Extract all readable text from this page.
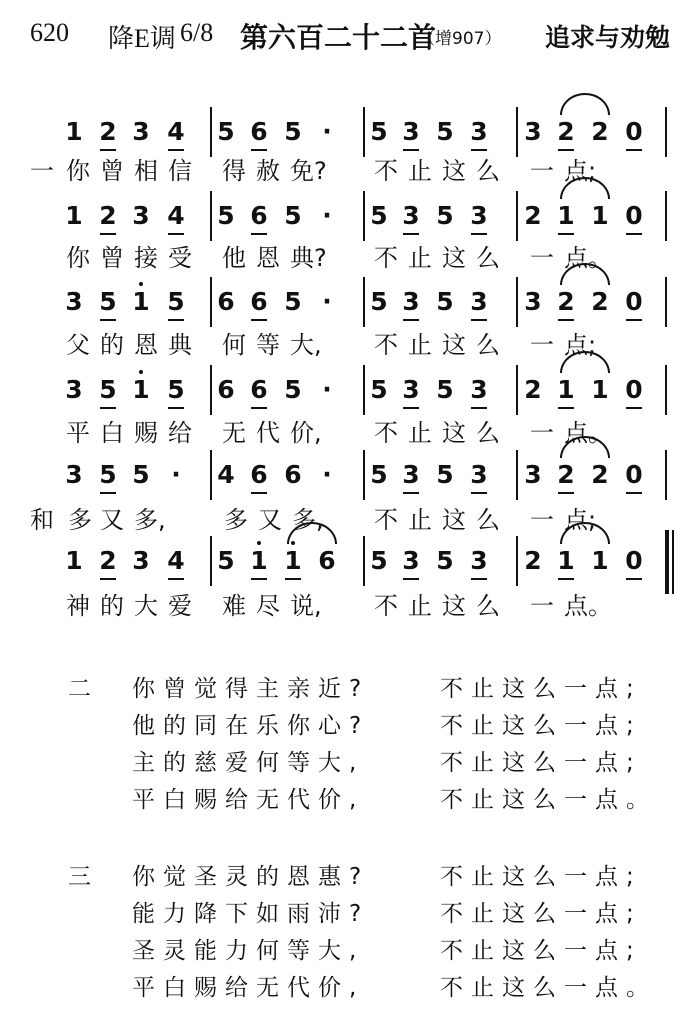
620 降E调 6/8 第六百二十二首
（增907） 追求与劝勉
1 2 3 4 5 6 5 · 5 3 5 3 3 2 2 0
一 你 曾 相 信 得 赦 免? 不 止 这 么 一 点;
1 2 3 4 5 6 5 · 5 3 5 3 2 1 1 0
你 曾 接 受 他 恩 典? 不 止 这 么 一 点。
3 5 1 5 6 6 5 · 5 3 5 3 3 2 2 0
父 的 恩 典 何 等 大, 不 止 这 么 一 点;
3 5 1 5 6 6 5 · 5 3 5 3 2 1 1 0
平 白 赐 给 无 代 价, 不 止 这 么 一 点。
3 5 5 · 4 6 6 · 5 3 5 3 3 2 2 0
和 多 又 多, 多 又 多, 不 止 这 么 一 点;
1 2 3 4 5 1 1 6 5 3 5 3 2 1 1 0
神 的 大 爱 难 尽 说, 不 止 这 么 一 点。
二 你曾觉得主亲近?	不止这么一点;
他的同在乐你心?	不止这么一点;
主的慈爱何等大,	不止这么一点;
平白赐给无代价,	不止这么一点。
三 你觉圣灵的恩惠?	不止这么一点;
能力降下如雨沛?	不止这么一点;
圣灵能力何等大,	不止这么一点;
平白赐给无代价,	不止这么一点。
